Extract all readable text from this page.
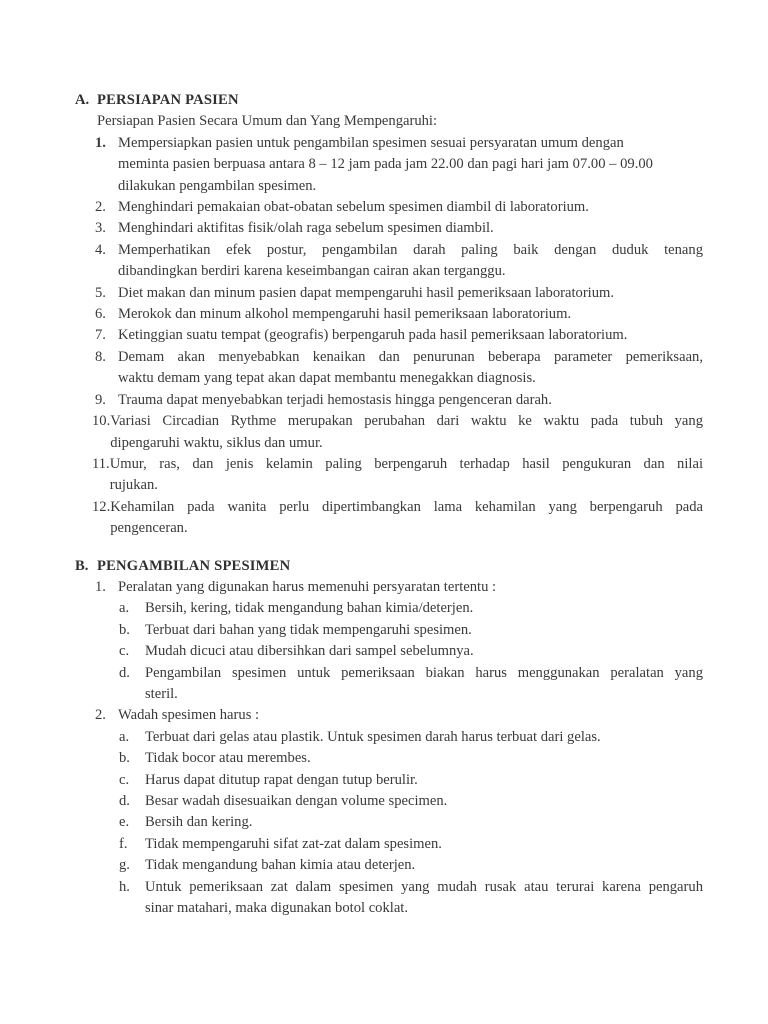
A. PERSIAPAN PASIEN
Persiapan Pasien Secara Umum dan Yang Mempengaruhi:
1. Mempersiapkan pasien untuk pengambilan spesimen sesuai persyaratan umum dengan
meminta pasien berpuasa antara 8 – 12 jam pada jam 22.00 dan pagi hari jam 07.00 – 09.00
dilakukan pengambilan spesimen.
2. Menghindari pemakaian obat-obatan sebelum spesimen diambil di laboratorium.
3. Menghindari aktifitas fisik/olah raga sebelum spesimen diambil.
4. Memperhatikan efek postur, pengambilan darah paling baik dengan duduk tenang
dibandingkan berdiri karena keseimbangan cairan akan terganggu.
5. Diet makan dan minum pasien dapat mempengaruhi hasil pemeriksaan laboratorium.
6. Merokok dan minum alkohol mempengaruhi hasil pemeriksaan laboratorium.
7. Ketinggian suatu tempat (geografis) berpengaruh pada hasil pemeriksaan laboratorium.
8. Demam akan menyebabkan kenaikan dan penurunan beberapa parameter pemeriksaan,
waktu demam yang tepat akan dapat membantu menegakkan diagnosis.
9. Trauma dapat menyebabkan terjadi hemostasis hingga pengenceran darah.
10. Variasi Circadian Rythme merupakan perubahan dari waktu ke waktu pada tubuh yang
dipengaruhi waktu, siklus dan umur.
11. Umur, ras, dan jenis kelamin paling berpengaruh terhadap hasil pengukuran dan nilai
rujukan.
12. Kehamilan pada wanita perlu dipertimbangkan lama kehamilan yang berpengaruh pada
pengenceran.
B. PENGAMBILAN SPESIMEN
1. Peralatan yang digunakan harus memenuhi persyaratan tertentu :
a.	Bersih, kering, tidak mengandung bahan kimia/deterjen.
b.	Terbuat dari bahan yang tidak mempengaruhi spesimen.
c.	Mudah dicuci atau dibersihkan dari sampel sebelumnya.
d.	Pengambilan spesimen untuk pemeriksaan biakan harus menggunakan peralatan yang
steril.
2. Wadah spesimen harus :
a.	Terbuat dari gelas atau plastik. Untuk spesimen darah harus terbuat dari gelas.
b.	Tidak bocor atau merembes.
c.	Harus dapat ditutup rapat dengan tutup berulir.
d.	Besar wadah disesuaikan dengan volume specimen.
e.	Bersih dan kering.
f.	Tidak mempengaruhi sifat zat-zat dalam spesimen.
g.	Tidak mengandung bahan kimia atau deterjen.
h.	Untuk pemeriksaan zat dalam spesimen yang mudah rusak atau terurai karena pengaruh
sinar matahari, maka digunakan botol coklat.
